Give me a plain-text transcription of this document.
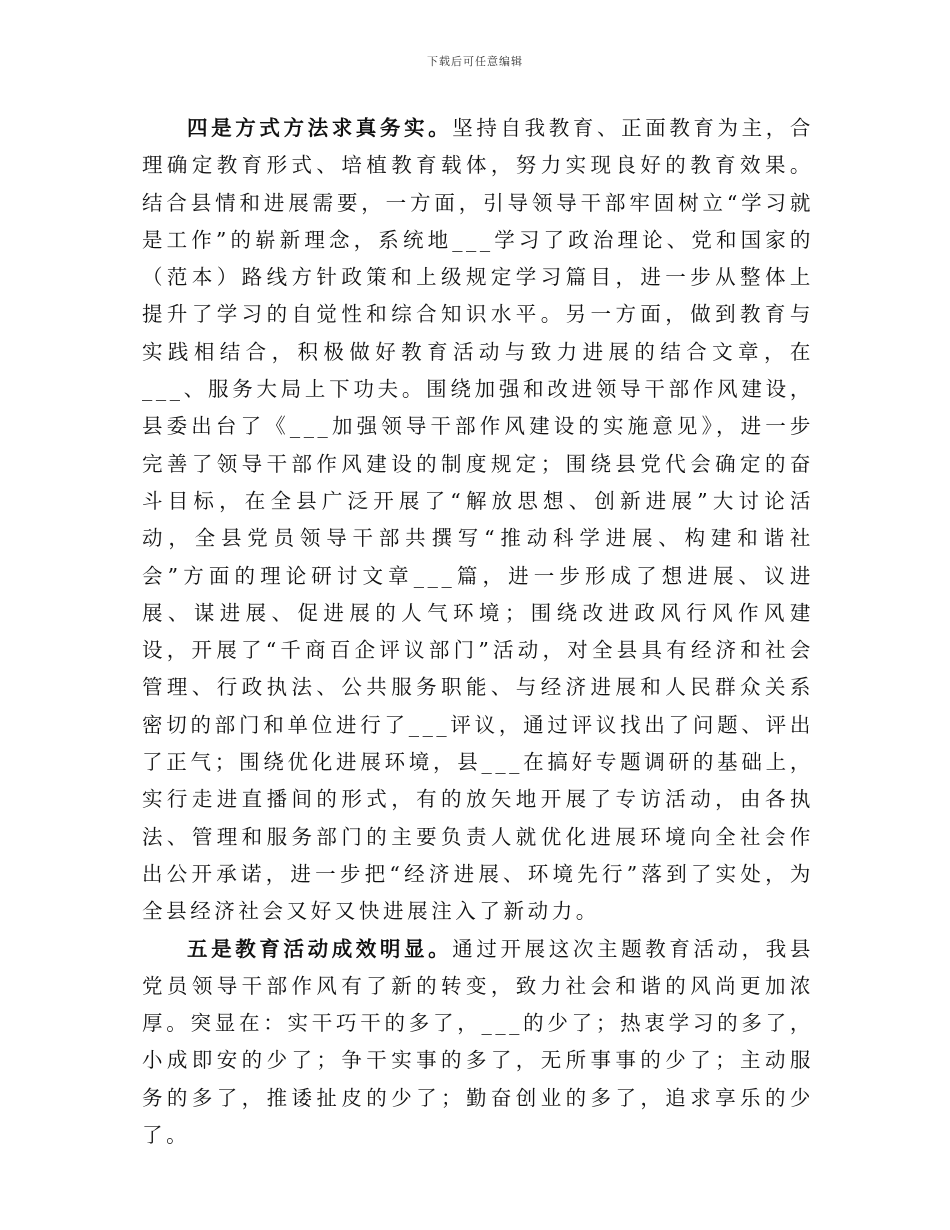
下载后可任意编辑

四是方式方法求真务实。坚持自我教育、正面教育为主，合理确定教育形式、培植教育载体，努力实现良好的教育效果。结合县情和进展需要，一方面，引导领导干部牢固树立“学习就是工作”的崭新理念，系统地___学习了政治理论、党和国家的（范本）路线方针政策和上级规定学习篇目，进一步从整体上提升了学习的自觉性和综合知识水平。另一方面，做到教育与实践相结合，积极做好教育活动与致力进展的结合文章，在___、服务大局上下功夫。围绕加强和改进领导干部作风建设，县委出台了《___加强领导干部作风建设的实施意见》，进一步完善了领导干部作风建设的制度规定；围绕县党代会确定的奋斗目标，在全县广泛开展了“解放思想、创新进展”大讨论活动，全县党员领导干部共撰写“推动科学进展、构建和谐社会”方面的理论研讨文章___篇，进一步形成了想进展、议进展、谋进展、促进展的人气环境；围绕改进政风行风作风建设，开展了“千商百企评议部门”活动，对全县具有经济和社会管理、行政执法、公共服务职能、与经济进展和人民群众关系密切的部门和单位进行了___评议，通过评议找出了问题、评出了正气；围绕优化进展环境，县___在搞好专题调研的基础上，实行走进直播间的形式，有的放矢地开展了专访活动，由各执法、管理和服务部门的主要负责人就优化进展环境向全社会作出公开承诺，进一步把“经济进展、环境先行”落到了实处，为全县经济社会又好又快进展注入了新动力。

五是教育活动成效明显。通过开展这次主题教育活动，我县党员领导干部作风有了新的转变，致力社会和谐的风尚更加浓厚。突显在：实干巧干的多了，___的少了；热衷学习的多了，小成即安的少了；争干实事的多了，无所事事的少了；主动服务的多了，推诿扯皮的少了；勤奋创业的多了，追求享乐的少了。
